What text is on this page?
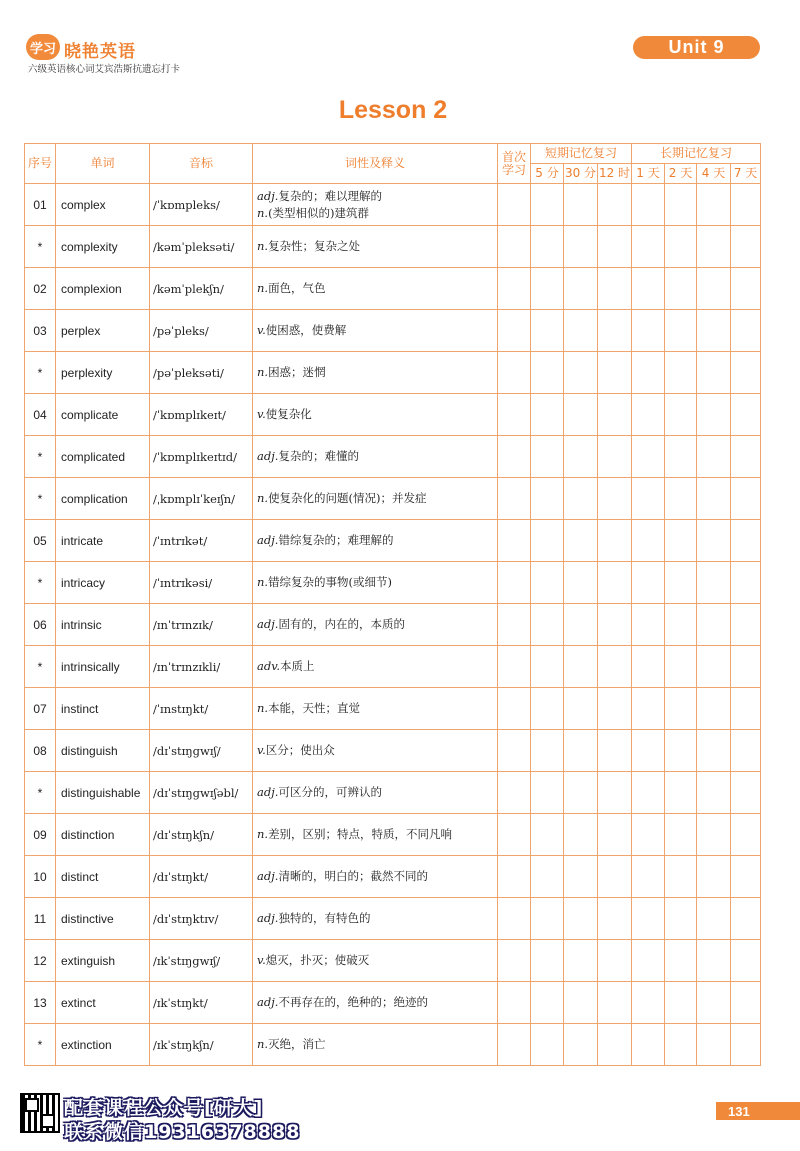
学习 晓艳英语
六级英语核心词艾宾浩斯抗遗忘打卡
Unit 9
Lesson 2
序号	单词	音标	词性及释义	首次学习	短期记忆复习			长期记忆复习			
					5 分	30 分	12 时	1 天	2 天	4 天	7 天
01	complex	/ˈkɒmpleks/	adj.复杂的；难以理解的
n.(类型相似的)建筑群								

*	complexity	/kəmˈpleksəti/	n.复杂性；复杂之处								

02	complexion	/kəmˈplekʃn/	n.面色，气色								

03	perplex	/pəˈpleks/	v.使困惑，使费解								

*	perplexity	/pəˈpleksəti/	n.困惑；迷惘								

04	complicate	/ˈkɒmplɪkeɪt/	v.使复杂化								

*	complicated	/ˈkɒmplɪkeɪtɪd/	adj.复杂的；难懂的								

*	complication	/ˌkɒmplɪˈkeɪʃn/	n.使复杂化的问题(情况)；并发症								

05	intricate	/ˈɪntrɪkət/	adj.错综复杂的；难理解的								

*	intricacy	/ˈɪntrɪkəsi/	n.错综复杂的事物(或细节)								

06	intrinsic	/ɪnˈtrɪnzɪk/	adj.固有的，内在的，本质的								

*	intrinsically	/ɪnˈtrɪnzɪkli/	adv.本质上								

07	instinct	/ˈɪnstɪŋkt/	n.本能，天性；直觉								

08	distinguish	/dɪˈstɪŋgwɪʃ/	v.区分；使出众								

*	distinguishable	/dɪˈstɪŋgwɪʃəbl/	adj.可区分的，可辨认的								

09	distinction	/dɪˈstɪŋkʃn/	n.差别，区别；特点，特质，不同凡响								

10	distinct	/dɪˈstɪŋkt/	adj.清晰的，明白的；截然不同的								

11	distinctive	/dɪˈstɪŋktɪv/	adj.独特的，有特色的								

12	extinguish	/ɪkˈstɪŋgwɪʃ/	v.熄灭，扑灭；使破灭								

13	extinct	/ɪkˈstɪŋkt/	adj.不再存在的，绝种的；绝迹的								

*	extinction	/ɪkˈstɪŋkʃn/	n.灭绝，消亡								

配套课程公众号[研大]
联系微信19316378888
131
